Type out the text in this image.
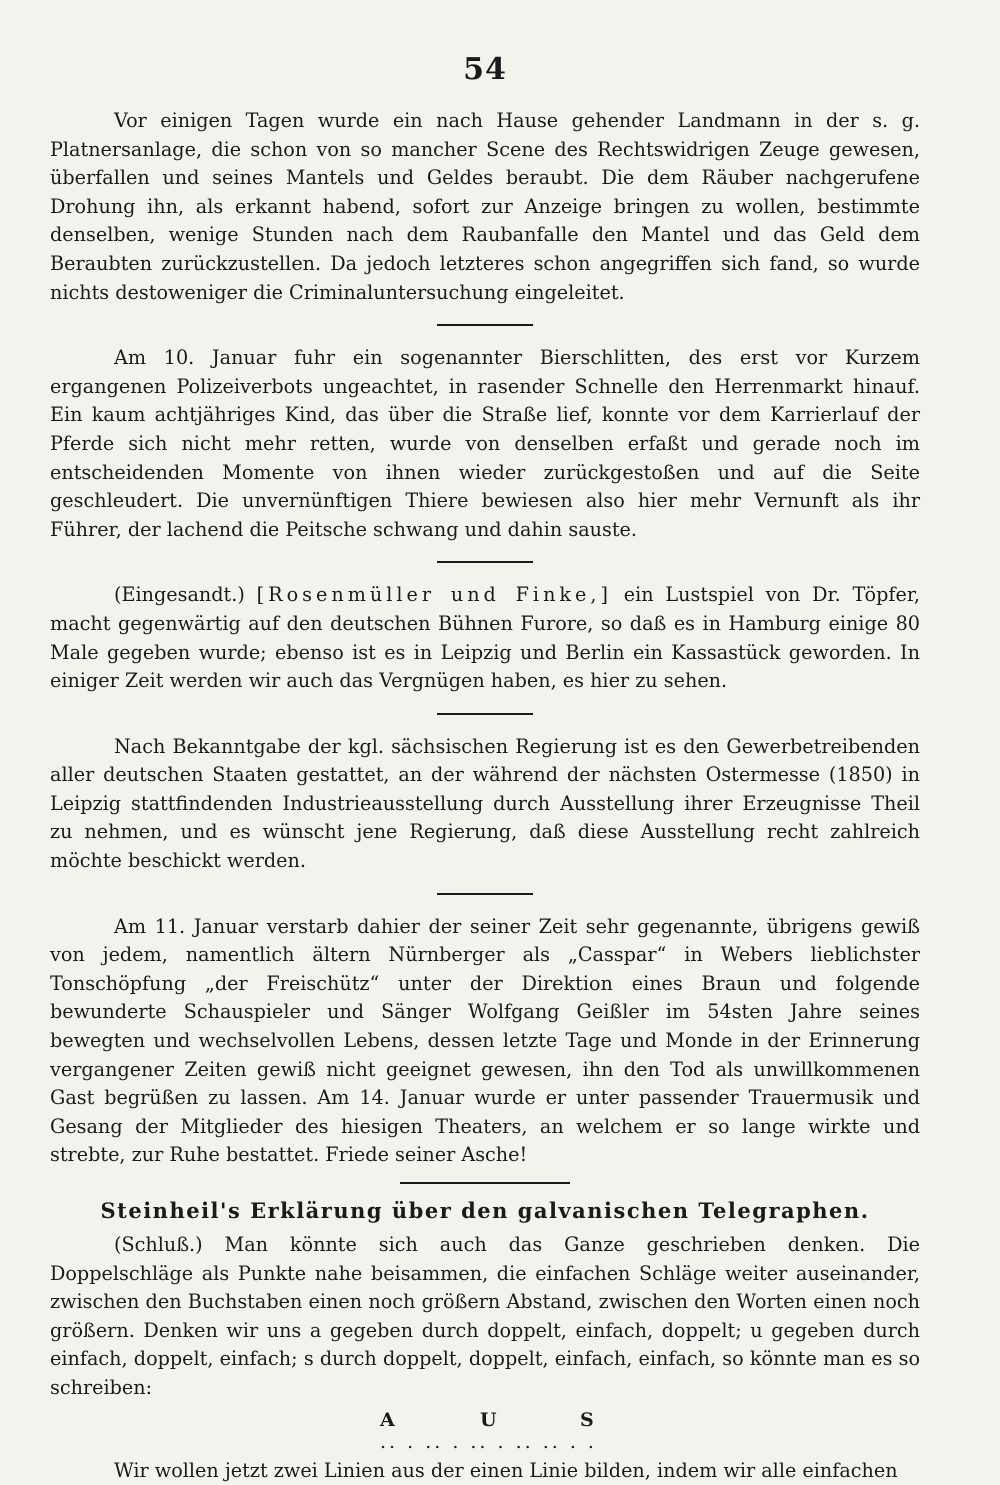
54

Vor einigen Tagen wurde ein nach Hause gehender Landmann in der s. g. Platnersanlage, die schon von so mancher Scene des Rechtswidrigen Zeuge gewesen, überfallen und seines Mantels und Geldes beraubt. Die dem Räuber nachgerufene Drohung ihn, als erkannt habend, sofort zur Anzeige bringen zu wollen, bestimmte denselben, wenige Stunden nach dem Raubanfalle den Mantel und das Geld dem Beraubten zurückzustellen. Da jedoch letzteres schon angegriffen sich fand, so wurde nichts destoweniger die Criminaluntersuchung eingeleitet.

Am 10. Januar fuhr ein sogenannter Bierschlitten, des erst vor Kurzem ergangenen Polizeiverbots ungeachtet, in rasender Schnelle den Herrenmarkt hinauf. Ein kaum achtjähriges Kind, das über die Straße lief, konnte vor dem Karrierlauf der Pferde sich nicht mehr retten, wurde von denselben erfaßt und gerade noch im entscheidenden Momente von ihnen wieder zurückgestoßen und auf die Seite geschleudert. Die unvernünftigen Thiere bewiesen also hier mehr Vernunft als ihr Führer, der lachend die Peitsche schwang und dahin sauste.

(Eingesandt.) [Rosenmüller und Finke,] ein Lustspiel von Dr. Töpfer, macht gegenwärtig auf den deutschen Bühnen Furore, so daß es in Hamburg einige 80 Male gegeben wurde; ebenso ist es in Leipzig und Berlin ein Kassastück geworden. In einiger Zeit werden wir auch das Vergnügen haben, es hier zu sehen.

Nach Bekanntgabe der kgl. sächsischen Regierung ist es den Gewerbetreibenden aller deutschen Staaten gestattet, an der während der nächsten Ostermesse (1850) in Leipzig stattfindenden Industrieausstellung durch Ausstellung ihrer Erzeugnisse Theil zu nehmen, und es wünscht jene Regierung, daß diese Ausstellung recht zahlreich möchte beschickt werden.

Am 11. Januar verstarb dahier der seiner Zeit sehr gegenannte, übrigens gewiß von jedem, namentlich ältern Nürnberger als „Casspar“ in Webers lieblichster Tonschöpfung „der Freischütz“ unter der Direktion eines Braun und folgende bewunderte Schauspieler und Sänger Wolfgang Geißler im 54sten Jahre seines bewegten und wechselvollen Lebens, dessen letzte Tage und Monde in der Erinnerung vergangener Zeiten gewiß nicht geeignet gewesen, ihn den Tod als unwillkommenen Gast begrüßen zu lassen. Am 14. Januar wurde er unter passender Trauermusik und Gesang der Mitglieder des hiesigen Theaters, an welchem er so lange wirkte und strebte, zur Ruhe bestattet. Friede seiner Asche!

Steinheil's Erklärung über den galvanischen Telegraphen.

(Schluß.) Man könnte sich auch das Ganze geschrieben denken. Die Doppelschläge als Punkte nahe beisammen, die einfachen Schläge weiter auseinander, zwischen den Buchstaben einen noch größern Abstand, zwischen den Worten einen noch größern. Denken wir uns a gegeben durch doppelt, einfach, doppelt; u gegeben durch einfach, doppelt, einfach; s durch doppelt, doppelt, einfach, einfach, so könnte man es so schreiben:

A	U	S
.. . .. . .. . .. .. . .

Wir wollen jetzt zwei Linien aus der einen Linie bilden, indem wir alle einfachen
